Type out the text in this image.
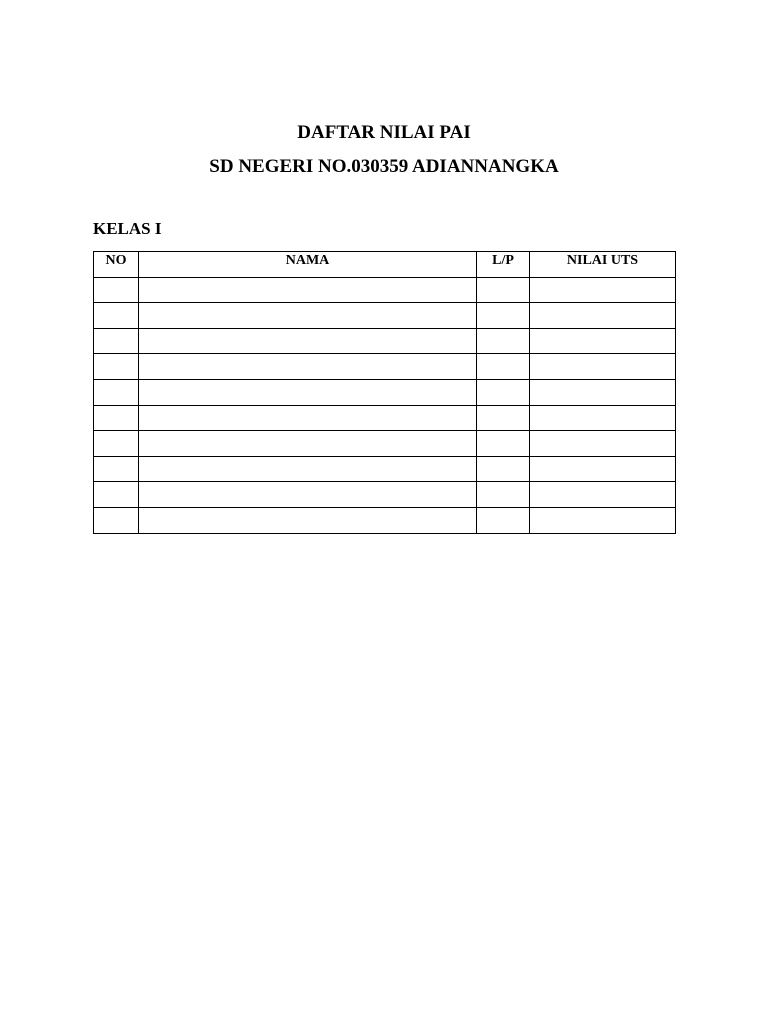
DAFTAR NILAI PAI
SD NEGERI NO.030359 ADIANNANGKA

KELAS I

NO	NAMA	L/P	NILAI UTS
